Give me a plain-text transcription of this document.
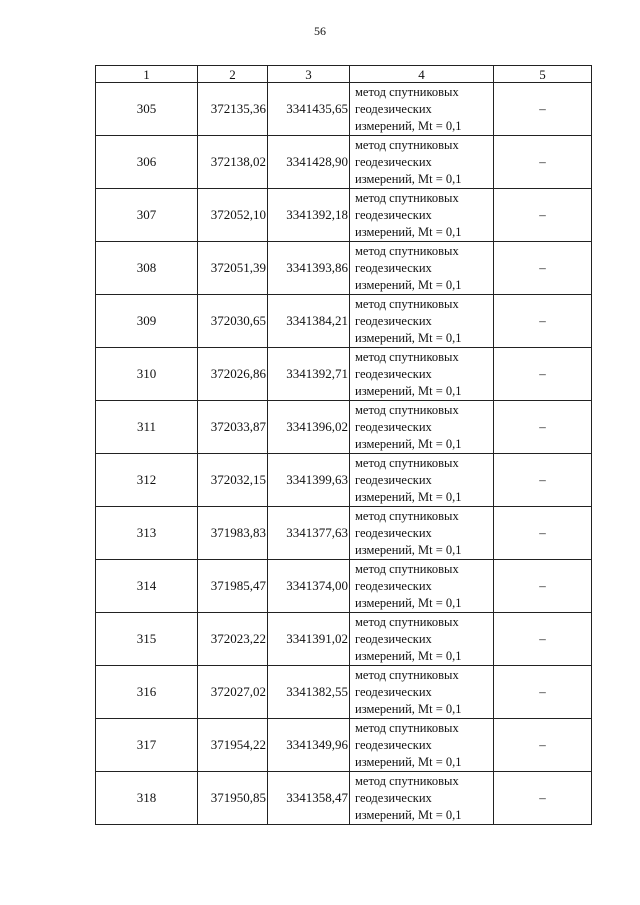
56
1	2	3	4	5
305	372135,36	3341435,65	метод спутниковых
геодезических
измерений, Mt = 0,1	–
306	372138,02	3341428,90	метод спутниковых
геодезических
измерений, Mt = 0,1	–
307	372052,10	3341392,18	метод спутниковых
геодезических
измерений, Mt = 0,1	–
308	372051,39	3341393,86	метод спутниковых
геодезических
измерений, Mt = 0,1	–
309	372030,65	3341384,21	метод спутниковых
геодезических
измерений, Mt = 0,1	–
310	372026,86	3341392,71	метод спутниковых
геодезических
измерений, Mt = 0,1	–
311	372033,87	3341396,02	метод спутниковых
геодезических
измерений, Mt = 0,1	–
312	372032,15	3341399,63	метод спутниковых
геодезических
измерений, Mt = 0,1	–
313	371983,83	3341377,63	метод спутниковых
геодезических
измерений, Mt = 0,1	–
314	371985,47	3341374,00	метод спутниковых
геодезических
измерений, Mt = 0,1	–
315	372023,22	3341391,02	метод спутниковых
геодезических
измерений, Mt = 0,1	–
316	372027,02	3341382,55	метод спутниковых
геодезических
измерений, Mt = 0,1	–
317	371954,22	3341349,96	метод спутниковых
геодезических
измерений, Mt = 0,1	–
318	371950,85	3341358,47	метод спутниковых
геодезических
измерений, Mt = 0,1	–
